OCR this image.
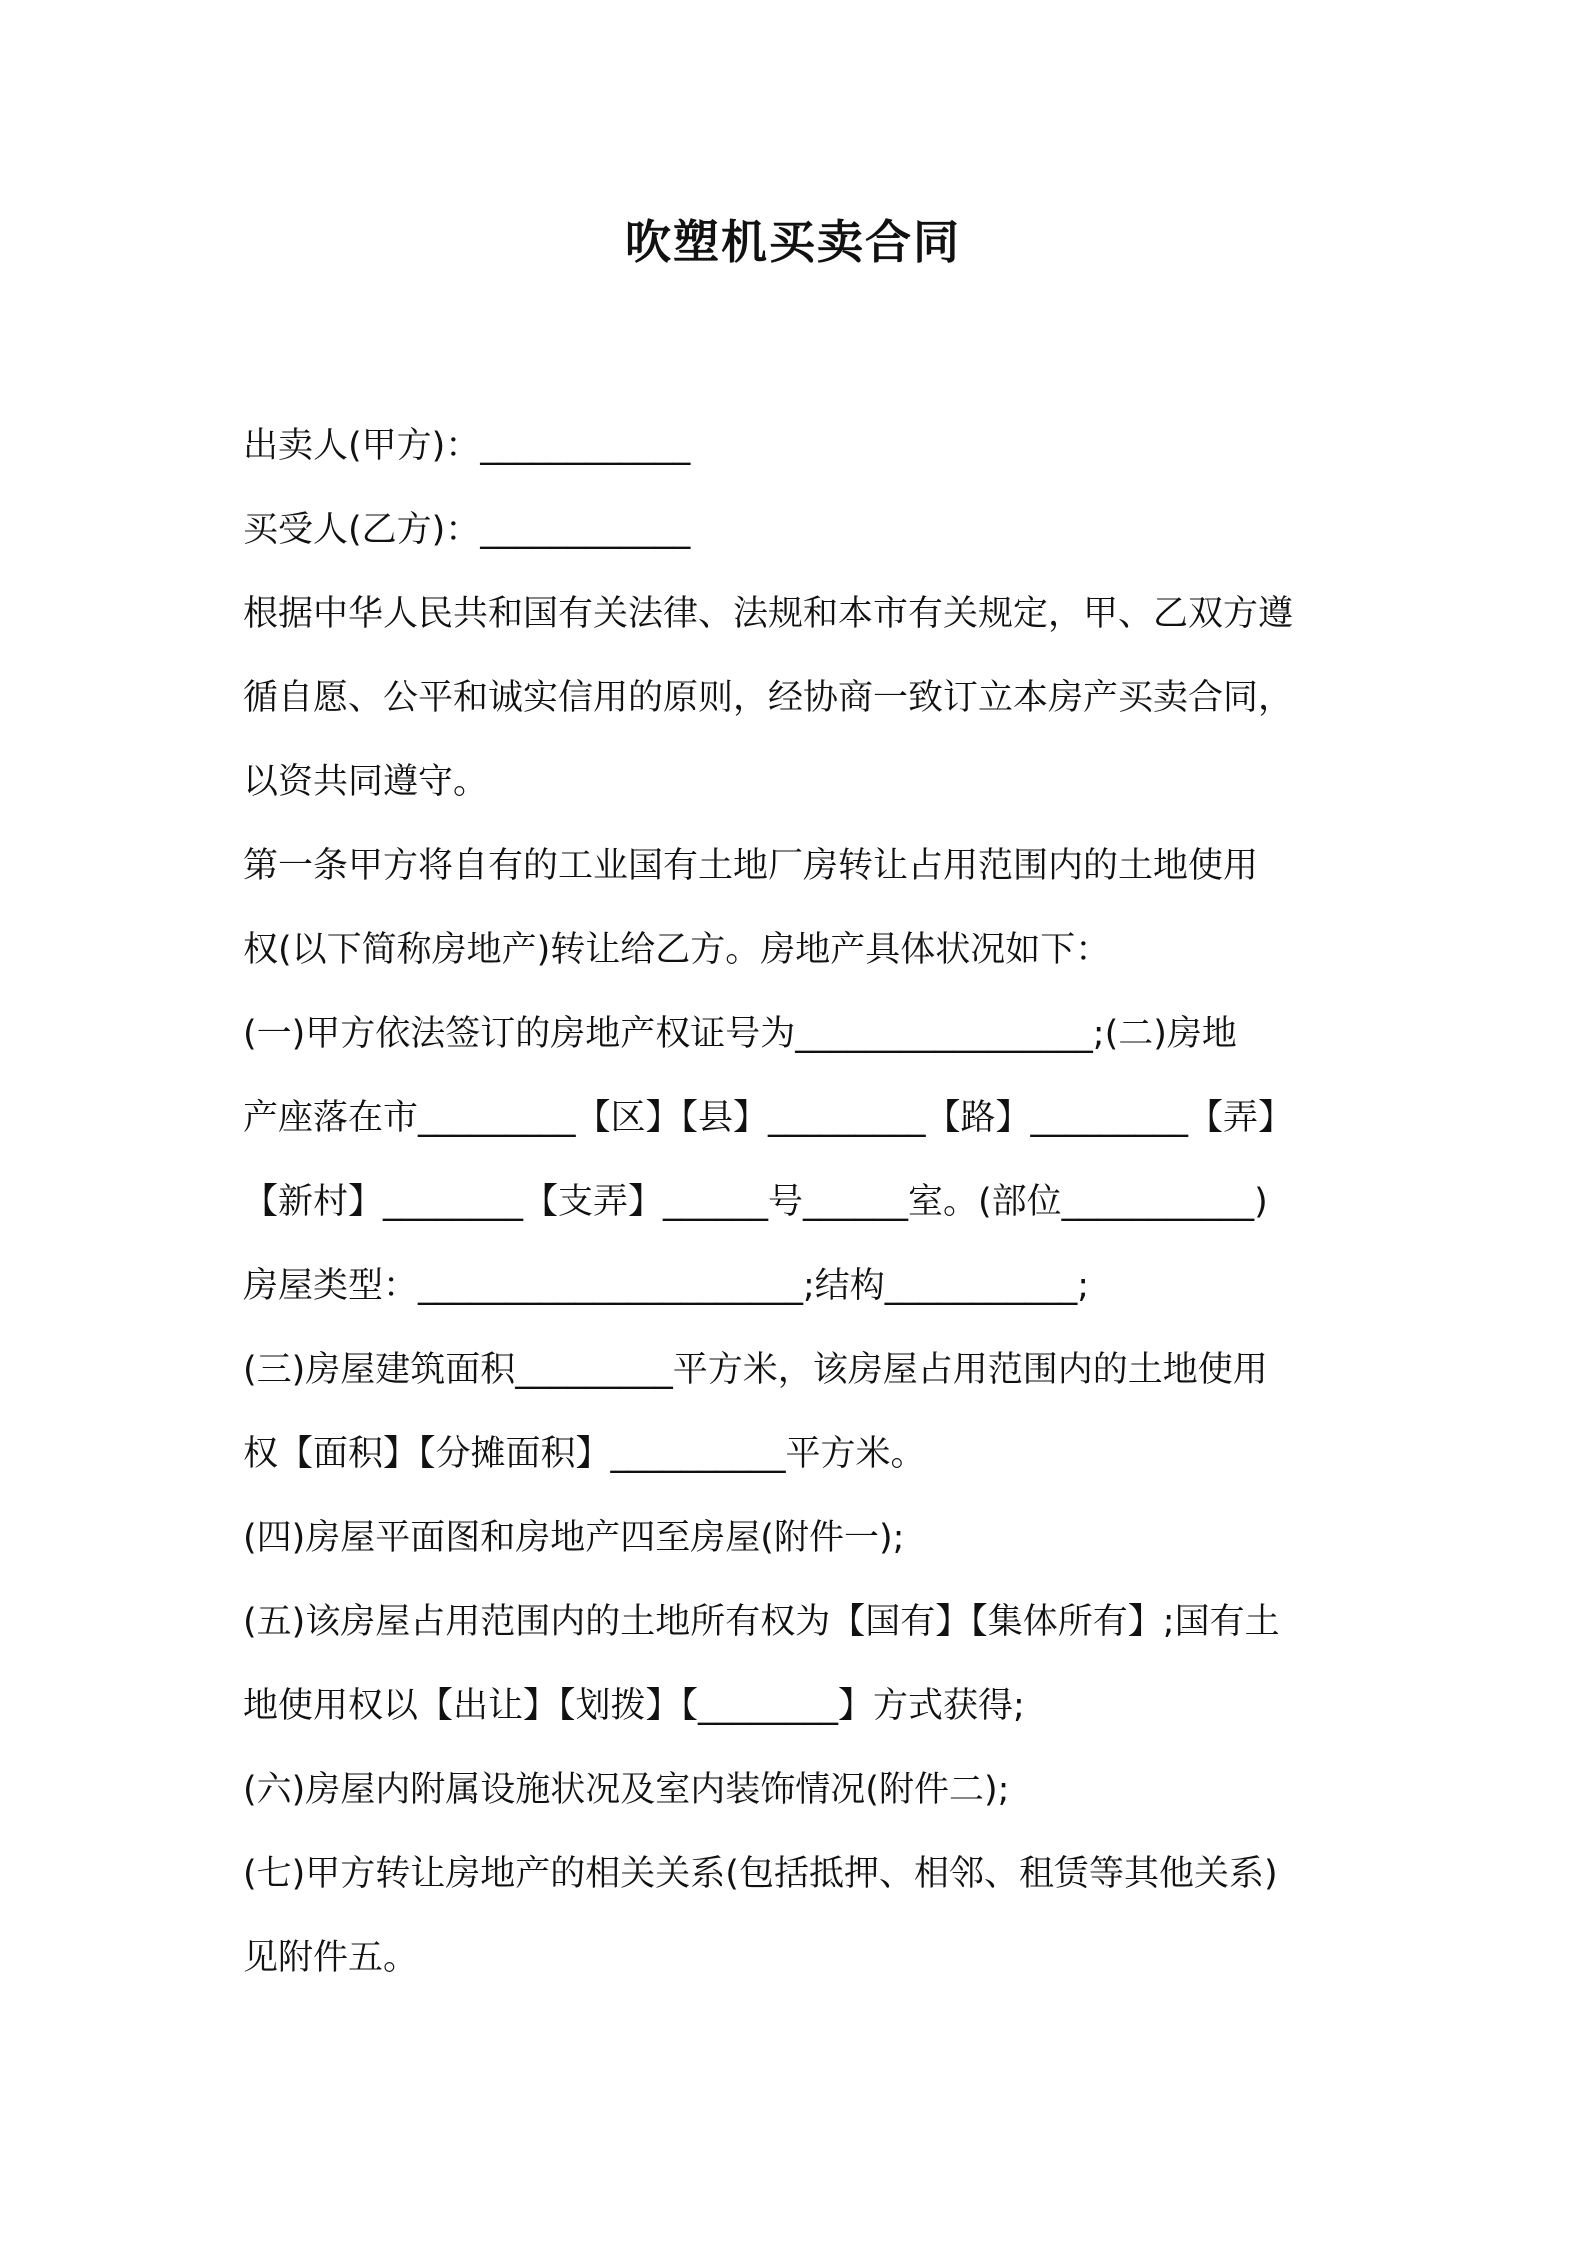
吹塑机买卖合同
出卖人(甲方)：____________
买受人(乙方)：____________
根据中华人民共和国有关法律、法规和本市有关规定，甲、乙双方遵
循自愿、公平和诚实信用的原则，经协商一致订立本房产买卖合同，
以资共同遵守。
第一条甲方将自有的工业国有土地厂房转让占用范围内的土地使用
权(以下简称房地产)转让给乙方。房地产具体状况如下：
(一)甲方依法签订的房地产权证号为_________________;(二)房地
产座落在市_________【区】【县】_________【路】_________【弄】
【新村】________【支弄】______号______室。(部位___________)
房屋类型：______________________;结构___________;
(三)房屋建筑面积_________平方米，该房屋占用范围内的土地使用
权【面积】【分摊面积】__________平方米。
(四)房屋平面图和房地产四至房屋(附件一);
(五)该房屋占用范围内的土地所有权为【国有】【集体所有】;国有土
地使用权以【出让】【划拨】【________】方式获得;
(六)房屋内附属设施状况及室内装饰情况(附件二);
(七)甲方转让房地产的相关关系(包括抵押、相邻、租赁等其他关系)
见附件五。
